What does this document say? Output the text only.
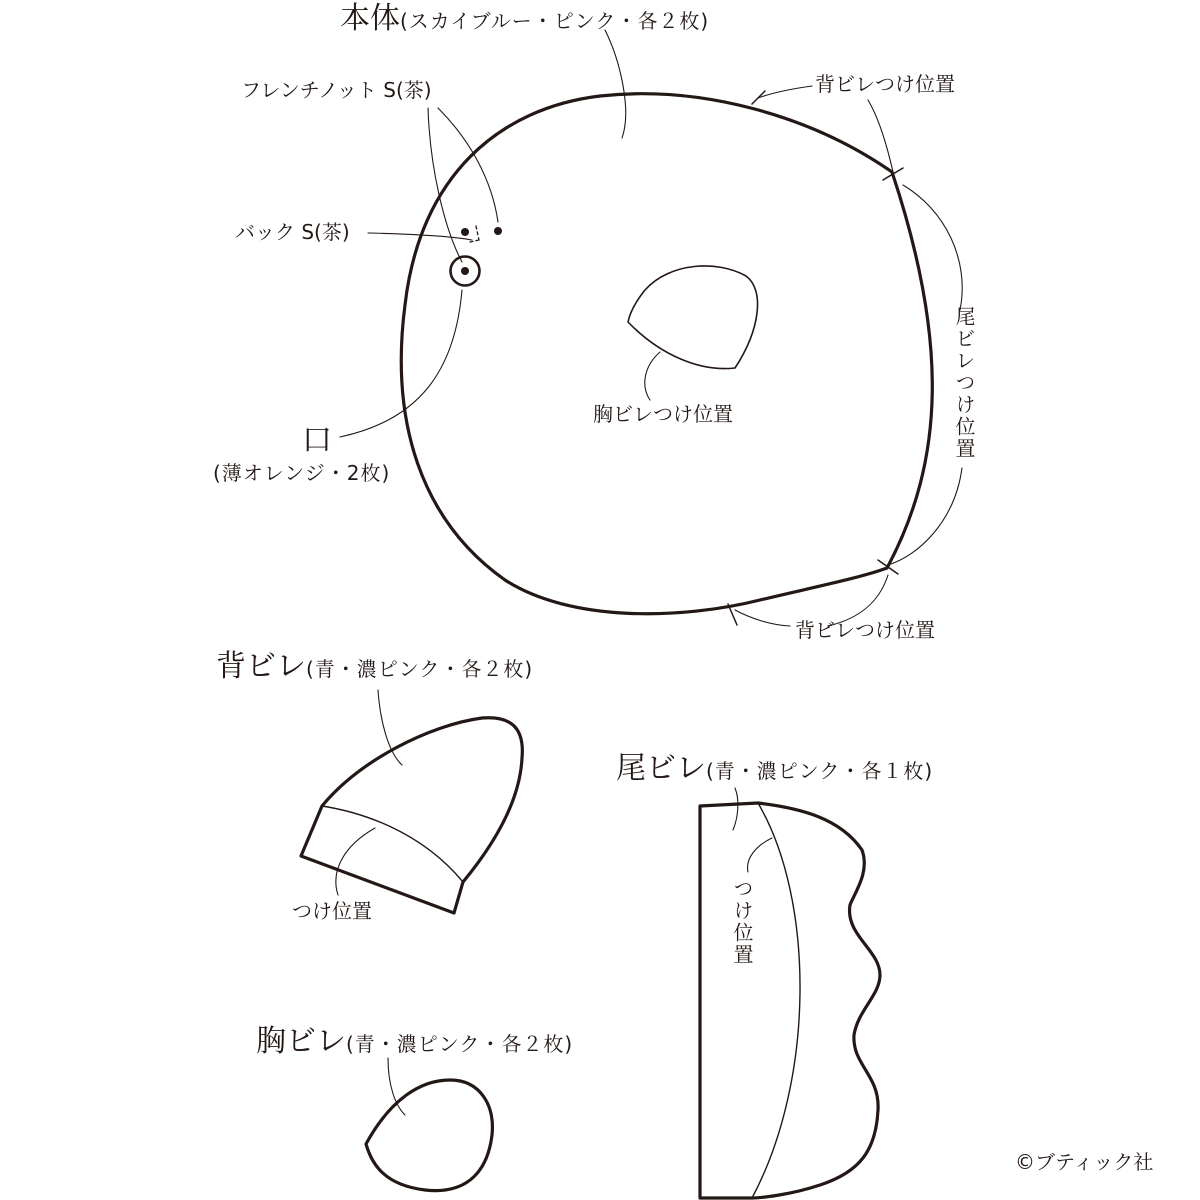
本体(スカイブルー・ピンク・各２枚)
フレンチノット S(茶)
バック S(茶)
背ビレつけ位置
尾ビレつけ位置
背ビレつけ位置
胸ビレつけ位置
口
(薄オレンジ・2枚)
背ビレ(青・濃ピンク・各２枚)
つけ位置
尾ビレ(青・濃ピンク・各１枚)
つけ位置
胸ビレ(青・濃ピンク・各２枚)
©ブティック社
